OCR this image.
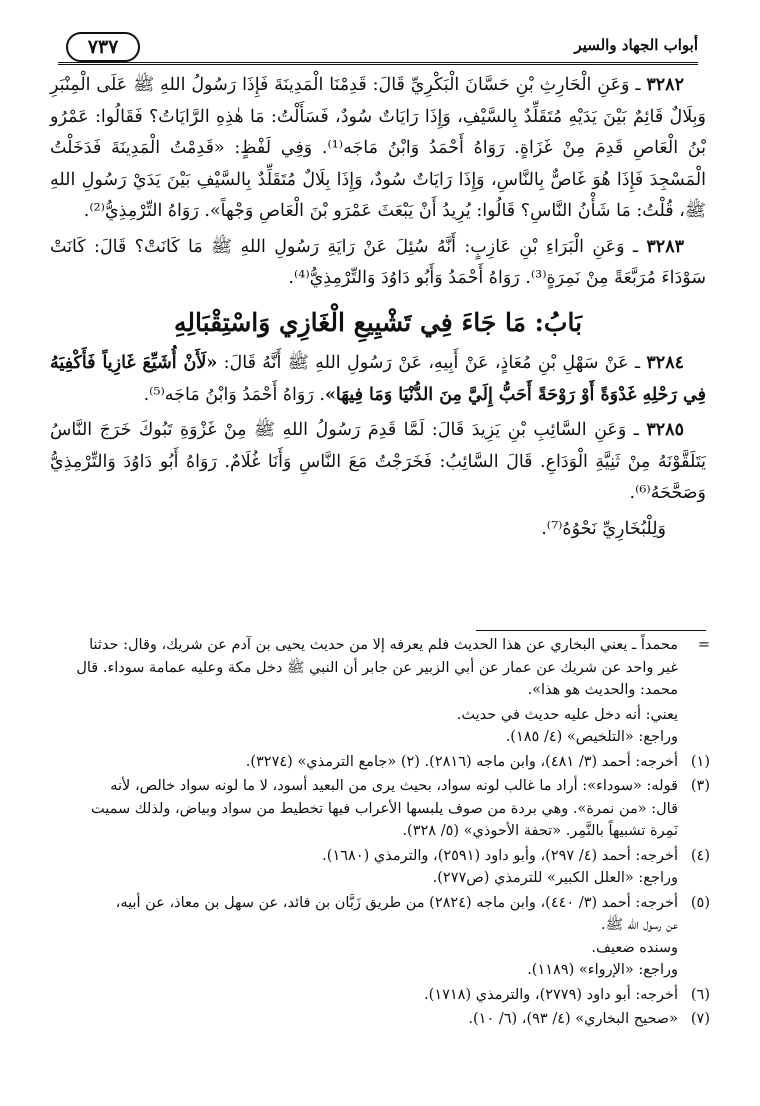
أبواب الجهاد والسير
٧٣٧

٣٢٨٢ ـ وَعَنِ الْحَارِثِ بْنِ حَسَّانَ الْبَكْرِيِّ قَالَ: قَدِمْنَا الْمَدِينَةَ فَإِذَا رَسُولُ اللهِ ﷺ عَلَى الْمِنْبَرِ وَبِلَالٌ قَائِمٌ بَيْنَ يَدَيْهِ مُتَقَلِّدٌ بِالسَّيْفِ، وَإِذَا رَايَاتٌ سُودٌ، فَسَأَلْتُ: مَا هٰذِهِ الرَّايَاتُ؟ فَقَالُوا: عَمْرُو بْنُ الْعَاصِ قَدِمَ مِنْ غَزَاةٍ. رَوَاهُ أَحْمَدُ وَابْنُ مَاجَه⁽¹⁾. وَفِي لَفْظٍ: «قَدِمْتُ الْمَدِينَةَ فَدَخَلْتُ الْمَسْجِدَ فَإِذَا هُوَ غَاصٌّ بِالنَّاسِ، وَإِذَا رَايَاتٌ سُودٌ، وَإِذَا بِلَالٌ مُتَقَلِّدٌ بِالسَّيْفِ بَيْنَ يَدَيْ رَسُولِ اللهِ ﷺ، قُلْتُ: مَا شَأْنُ النَّاسِ؟ قَالُوا: يُرِيدُ أَنْ يَبْعَثَ عَمْرَو بْنَ الْعَاصِ وَجْهاً». رَوَاهُ التِّرْمِذِيُّ⁽²⁾.

٣٢٨٣ ـ وَعَنِ الْبَرَاءِ بْنِ عَازِبٍ: أَنَّهُ سُئِلَ عَنْ رَايَةِ رَسُولِ اللهِ ﷺ مَا كَانَتْ؟ قَالَ: كَانَتْ سَوْدَاءَ مُرَبَّعَةً مِنْ نَمِرَةٍ⁽³⁾. رَوَاهُ أَحْمَدُ وَأَبُو دَاوُدَ وَالتِّرْمِذِيُّ⁽⁴⁾.

بَابُ: مَا جَاءَ فِي تَشْيِيعِ الْغَازِي وَاسْتِقْبَالِهِ

٣٢٨٤ ـ عَنْ سَهْلِ بْنِ مُعَاذٍ، عَنْ أَبِيهِ، عَنْ رَسُولِ اللهِ ﷺ أَنَّهُ قَالَ: «لَأَنْ أُشَيِّعَ غَازِياً فَأَكْفِيَهُ فِي رَحْلِهِ غَدْوَةً أَوْ رَوْحَةً أَحَبُّ إِلَيَّ مِنَ الدُّنْيَا وَمَا فِيهَا». رَوَاهُ أَحْمَدُ وَابْنُ مَاجَه⁽⁵⁾.

٣٢٨٥ ـ وَعَنِ السَّائِبِ بْنِ يَزِيدَ قَالَ: لَمَّا قَدِمَ رَسُولُ اللهِ ﷺ مِنْ غَزْوَةِ تَبُوكَ خَرَجَ النَّاسُ يَتَلَقَّوْنَهُ مِنْ ثَنِيَّةِ الْوَدَاعِ. قَالَ السَّائِبُ: فَخَرَجْتُ مَعَ النَّاسِ وَأَنَا غُلَامٌ. رَوَاهُ أَبُو دَاوُدَ وَالتِّرْمِذِيُّ وَصَحَّحَهُ⁽⁶⁾.

وَلِلْبُخَارِيِّ نَحْوُهُ⁽⁷⁾.

=
محمداً ـ يعني البخاري عن هذا الحديث فلم يعرفه إلا من حديث يحيى بن آدم عن شريك، وقال: حدثنا
غير واحد عن شريك عن عمار عن أبي الزبير عن جابر أن النبي ﷺ دخل مكة وعليه عمامة سوداء. قال
محمد: والحديث هو هذا».
يعني: أنه دخل عليه حديث في حديث.
وراجع: «التلخيص» (٤/ ١٨٥).
(١)
أخرجه: أحمد (٣/ ٤٨١)، وابن ماجه (٢٨١٦). (٢) «جامع الترمذي» (٣٢٧٤).
(٣)
قوله: «سوداء»: أراد ما غالب لونه سواد، بحيث يرى من البعيد أسود، لا ما لونه سواد خالص، لأنه
قال: «من نمرة». وهي بردة من صوف يلبسها الأعراب فيها تخطيط من سواد وبياض، ولذلك سميت
نَمِرة تشبيهاً بالنَّمِر. «تحفة الأحوذي» (٥/ ٣٢٨).
(٤)
أخرجه: أحمد (٤/ ٢٩٧)، وأبو داود (٢٥٩١)، والترمذي (١٦٨٠).
وراجع: «العلل الكبير» للترمذي (ص٢٧٧).
(٥)
أخرجه: أحمد (٣/ ٤٤٠)، وابن ماجه (٢٨٢٤) من طريق زَبَّان بن فائد، عن سهل بن معاذ، عن أبيه،
عن رسول الله ﷺ.
وسنده ضعيف.
وراجع: «الإرواء» (١١٨٩).
(٦)
أخرجه: أبو داود (٢٧٧٩)، والترمذي (١٧١٨).
(٧)
«صحيح البخاري» (٤/ ٩٣)، (٦/ ١٠).
